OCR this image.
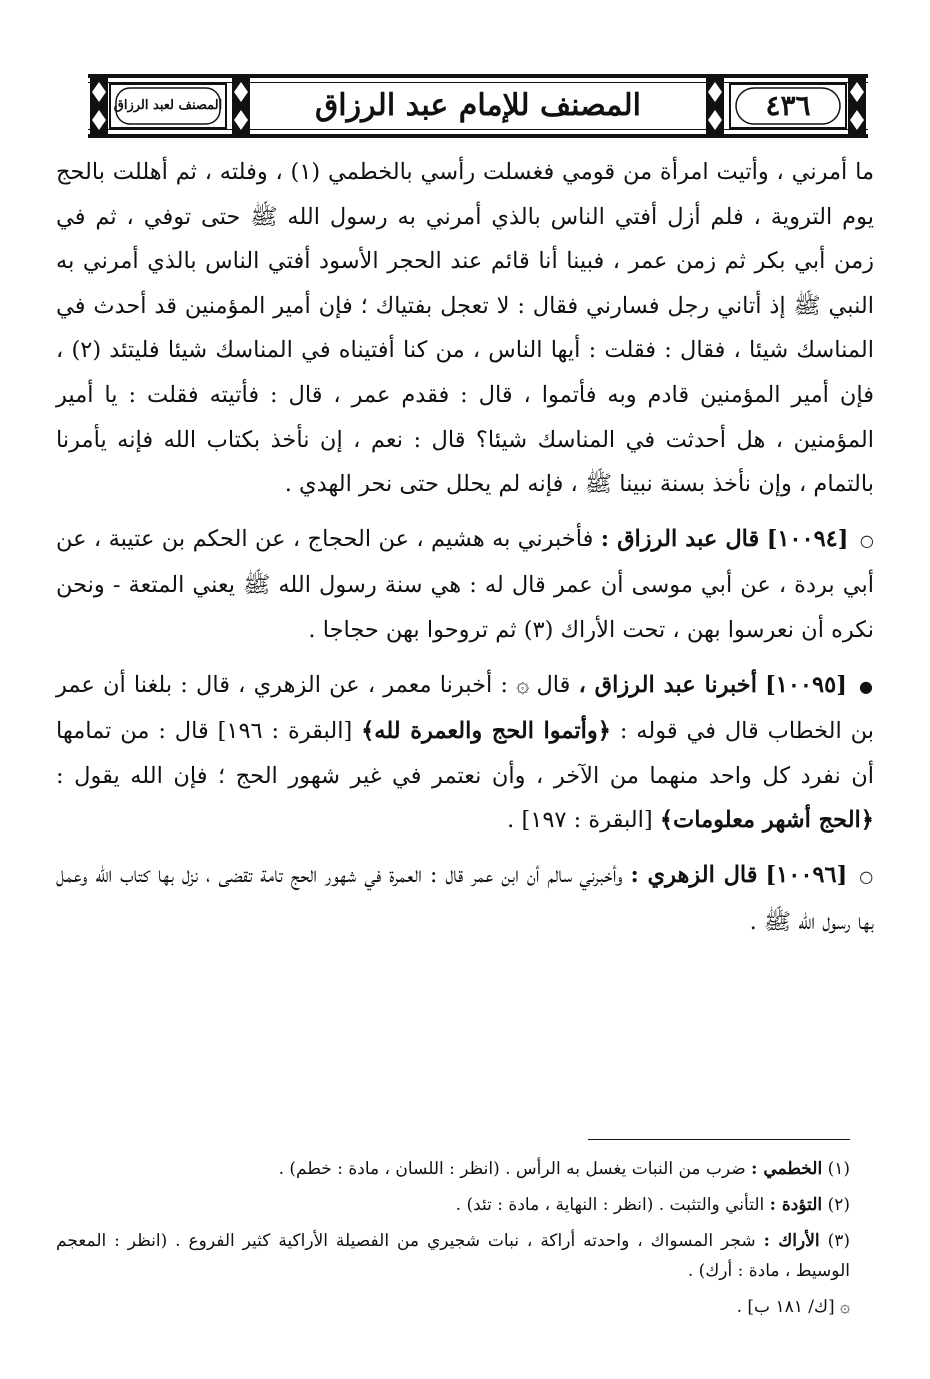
المصنف لعبد الرزاق	المصنف للإمام عبد الرزاق	٤٣٦

ما أمرني ، وأتيت امرأة من قومي فغسلت رأسي بالخطمي (١) ، وفلته ، ثم أهللت بالحج يوم التروية ، فلم أزل أفتي الناس بالذي أمرني به رسول الله ﷺ حتى توفي ، ثم في زمن أبي بكر ثم زمن عمر ، فبينا أنا قائم عند الحجر الأسود أفتي الناس بالذي أمرني به النبي ﷺ إذ أتاني رجل فسارني فقال : لا تعجل بفتياك ؛ فإن أمير المؤمنين قد أحدث في المناسك شيئا ، فقال : فقلت : أيها الناس ، من كنا أفتيناه في المناسك شيئا فليتئد (٢) ، فإن أمير المؤمنين قادم وبه فأتموا ، قال : فقدم عمر ، قال : فأتيته فقلت : يا أمير المؤمنين ، هل أحدثت في المناسك شيئا؟ قال : نعم ، إن نأخذ بكتاب الله فإنه يأمرنا بالتمام ، وإن نأخذ بسنة نبينا ﷺ ، فإنه لم يحلل حتى نحر الهدي .

○ [١٠٠٩٤] قال عبد الرزاق : فأخبرني به هشيم ، عن الحجاج ، عن الحكم بن عتيبة ، عن أبي بردة ، عن أبي موسى أن عمر قال له : هي سنة رسول الله ﷺ يعني المتعة - ونحن نكره أن نعرسوا بهن ، تحت الأراك (٣) ثم تروحوا بهن حجاجا .

● [١٠٠٩٥] أخبرنا عبد الرزاق ، قال ۞ : أخبرنا معمر ، عن الزهري ، قال : بلغنا أن عمر بن الخطاب قال في قوله : ﴿وأتموا الحج والعمرة لله﴾ [البقرة : ١٩٦] قال : من تمامها أن نفرد كل واحد منهما من الآخر ، وأن نعتمر في غير شهور الحج ؛ فإن الله يقول : ﴿الحج أشهر معلومات﴾ [البقرة : ١٩٧] .

○ [١٠٠٩٦] قال الزهري : وأخبرني سالم أن ابن عمر قال : العمرة في شهور الحج تامة تقضى ، نزل بها كتاب الله وعمل بها رسول الله ﷺ .

(١) الخطمي : ضرب من النبات يغسل به الرأس . (انظر : اللسان ، مادة : خطم) .

(٢) التؤدة : التأني والتثبت . (انظر : النهاية ، مادة : تئد) .

(٣) الأراك : شجر المسواك ، واحدته أراكة ، نبات شجيري من الفصيلة الأراكية كثير الفروع . (انظر : المعجم الوسيط ، مادة : أرك) .

۞ [ك/ ١٨١ ب] .
